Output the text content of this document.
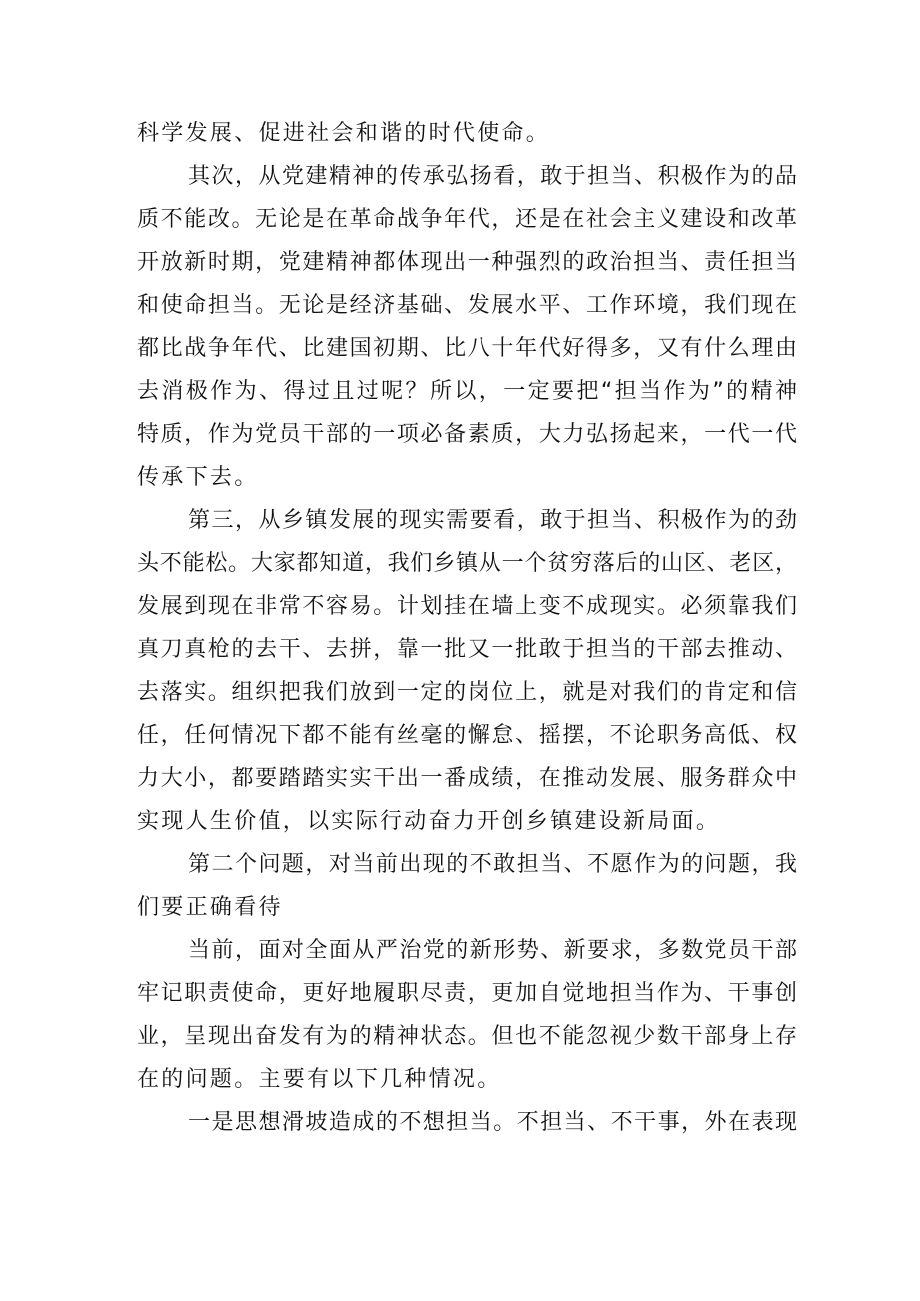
科学发展、促进社会和谐的时代使命。
其次，从党建精神的传承弘扬看，敢于担当、积极作为的品
质不能改。无论是在革命战争年代，还是在社会主义建设和改革
开放新时期，党建精神都体现出一种强烈的政治担当、责任担当
和使命担当。无论是经济基础、发展水平、工作环境，我们现在
都比战争年代、比建国初期、比八十年代好得多，又有什么理由
去消极作为、得过且过呢？所以，一定要把“担当作为”的精神
特质，作为党员干部的一项必备素质，大力弘扬起来，一代一代
传承下去。
第三，从乡镇发展的现实需要看，敢于担当、积极作为的劲
头不能松。大家都知道，我们乡镇从一个贫穷落后的山区、老区，
发展到现在非常不容易。计划挂在墙上变不成现实。必须靠我们
真刀真枪的去干、去拼，靠一批又一批敢于担当的干部去推动、
去落实。组织把我们放到一定的岗位上，就是对我们的肯定和信
任，任何情况下都不能有丝毫的懈怠、摇摆，不论职务高低、权
力大小，都要踏踏实实干出一番成绩，在推动发展、服务群众中
实现人生价值，以实际行动奋力开创乡镇建设新局面。
第二个问题，对当前出现的不敢担当、不愿作为的问题，我
们要正确看待
当前，面对全面从严治党的新形势、新要求，多数党员干部
牢记职责使命，更好地履职尽责，更加自觉地担当作为、干事创
业，呈现出奋发有为的精神状态。但也不能忽视少数干部身上存
在的问题。主要有以下几种情况。
一是思想滑坡造成的不想担当。不担当、不干事，外在表现
